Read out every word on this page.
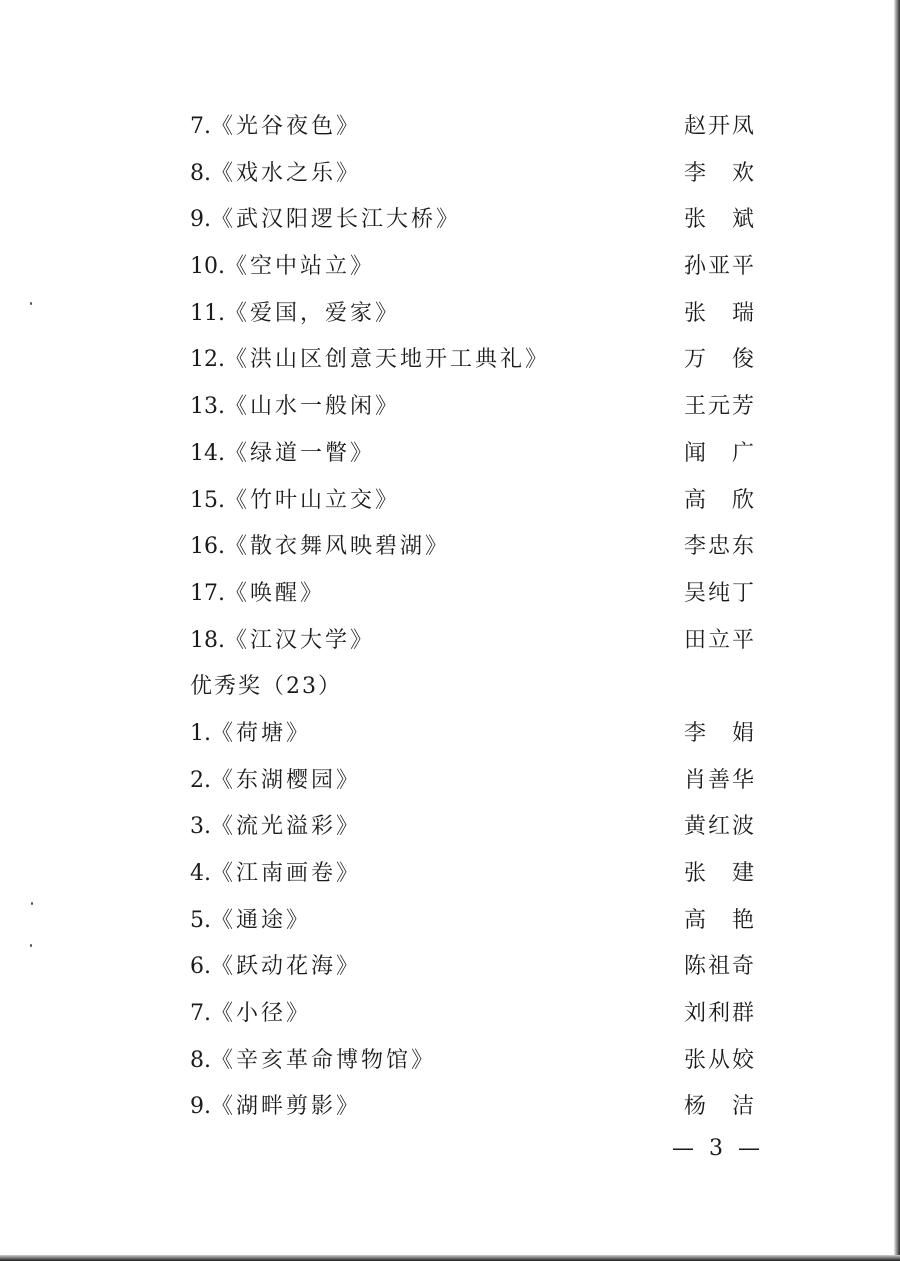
7.《光谷夜色》	赵开凤
8.《戏水之乐》	李　欢
9.《武汉阳逻长江大桥》	张　斌
10.《空中站立》	孙亚平
11.《爱国，爱家》	张　瑞
12.《洪山区创意天地开工典礼》	万　俊
13.《山水一般闲》	王元芳
14.《绿道一瞥》	闻　广
15.《竹叶山立交》	高　欣
16.《散衣舞风映碧湖》	李忠东
17.《唤醒》	吴纯丁
18.《江汉大学》	田立平
优秀奖（23）
1.《荷塘》	李　娟
2.《东湖樱园》	肖善华
3.《流光溢彩》	黄红波
4.《江南画卷》	张　建
5.《通途》	高　艳
6.《跃动花海》	陈祖奇
7.《小径》	刘利群
8.《辛亥革命博物馆》	张从姣
9.《湖畔剪影》	杨　洁
— 3 —
